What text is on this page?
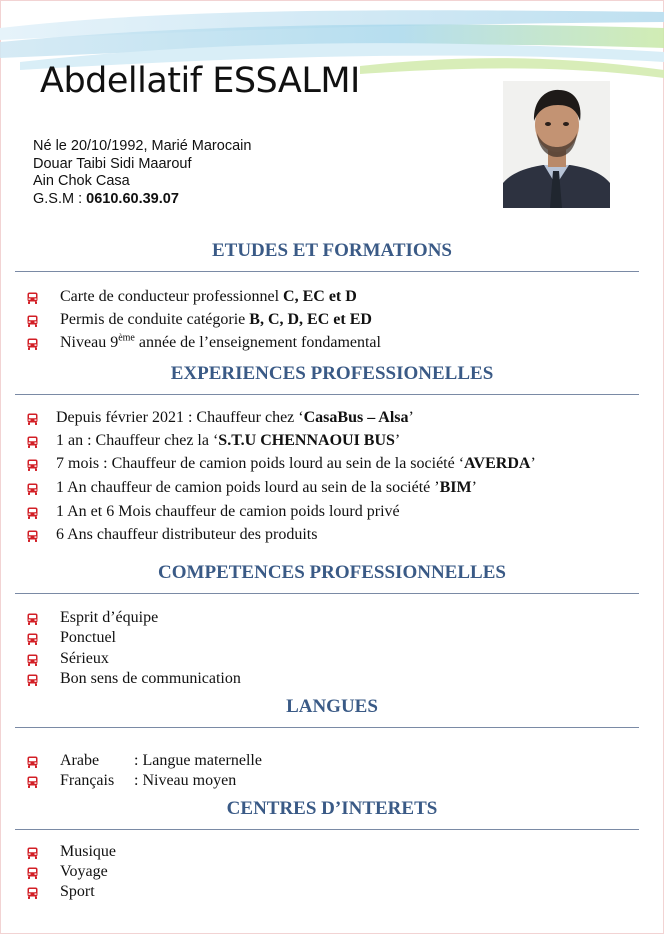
Abdellatif ESSALMI
Né le 20/10/1992, Marié Marocain
Douar Taibi Sidi Maarouf
Ain Chok Casa
G.S.M : 0610.60.39.07
ETUDES ET FORMATIONS
Carte de conducteur professionnel C, EC et D
Permis de conduite catégorie B, C, D, EC et ED
Niveau 9ème année de l’enseignement fondamental
EXPERIENCES PROFESSIONELLES
Depuis février 2021 : Chauffeur chez ‘CasaBus – Alsa’
1 an : Chauffeur chez la ‘S.T.U CHENNAOUI BUS’
7 mois : Chauffeur de camion poids lourd au sein de la société ‘AVERDA’
1 An chauffeur de camion poids lourd au sein de la société ’BIM’
1 An et 6 Mois chauffeur de camion poids lourd privé
6 Ans chauffeur distributeur des produits
COMPETENCES PROFESSIONNELLES
Esprit d’équipe
Ponctuel
Sérieux
Bon sens de communication
LANGUES
Arabe : Langue maternelle
Français : Niveau moyen
CENTRES D’INTERETS
Musique
Voyage
Sport
